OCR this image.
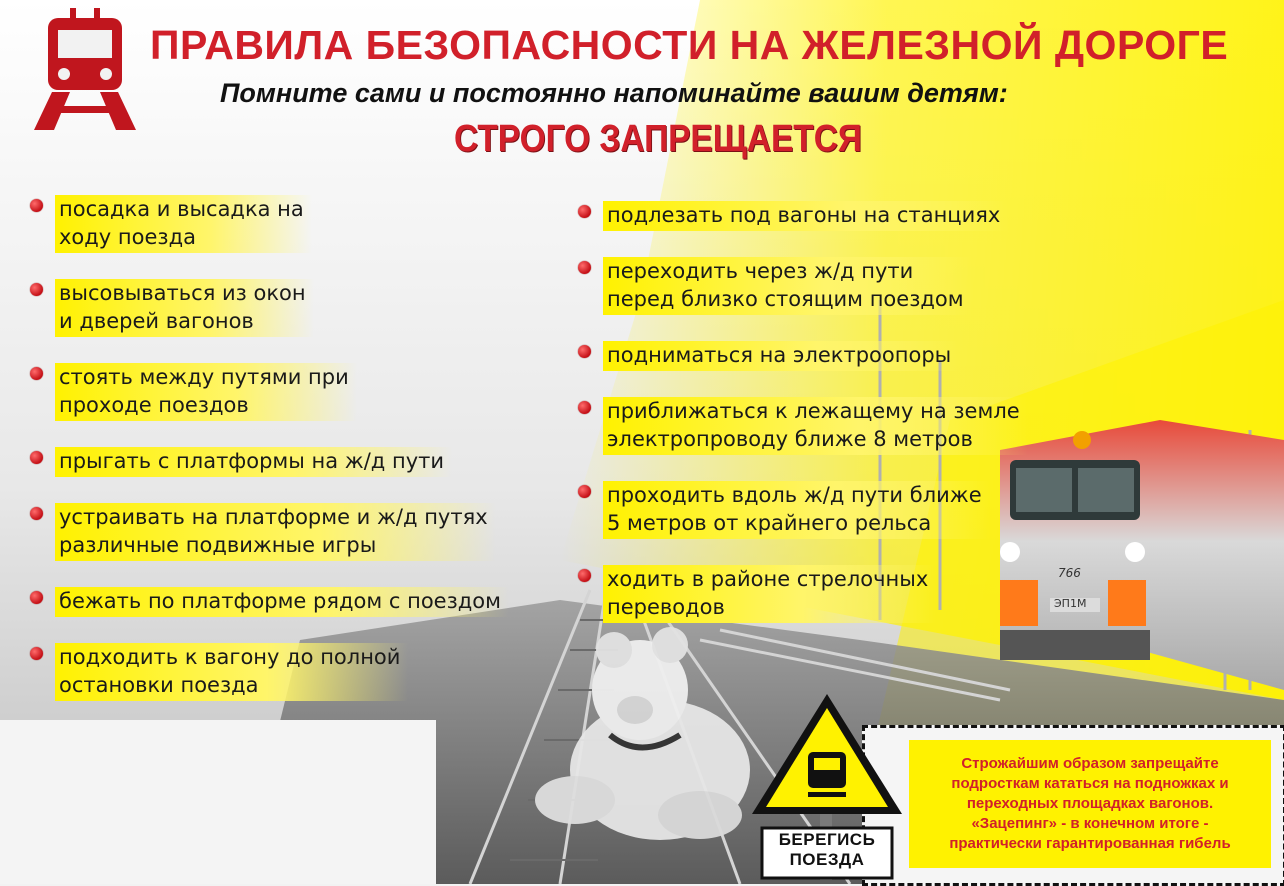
ПРАВИЛА БЕЗОПАСНОСТИ НА ЖЕЛЕЗНОЙ ДОРОГЕ
Помните сами и постоянно напоминайте вашим детям:
СТРОГО ЗАПРЕЩАЕТСЯ
посадка и высадка на
ходу поезда
высовываться из окон
и дверей вагонов
стоять между путями при
проходе поездов
прыгать с платформы на ж/д пути
устраивать на платформе и ж/д путях
различные подвижные игры
бежать по платформе рядом с поездом
подходить к вагону до полной
остановки поезда
подлезать под вагоны на станциях
переходить через ж/д пути
перед близко стоящим поездом
подниматься на электроопоры
приближаться к лежащему на земле
электропроводу ближе 8 метров
проходить вдоль ж/д пути ближе
5 метров от крайнего рельса
ходить в районе стрелочных
переводов
766
ЭП1М
Строжайшим образом запрещайте
подросткам кататься на подножках и
переходных площадках вагонов.
«Зацепинг» - в конечном итоге -
практически гарантированная гибель
БЕРЕГИСЬ
ПОЕЗДА
